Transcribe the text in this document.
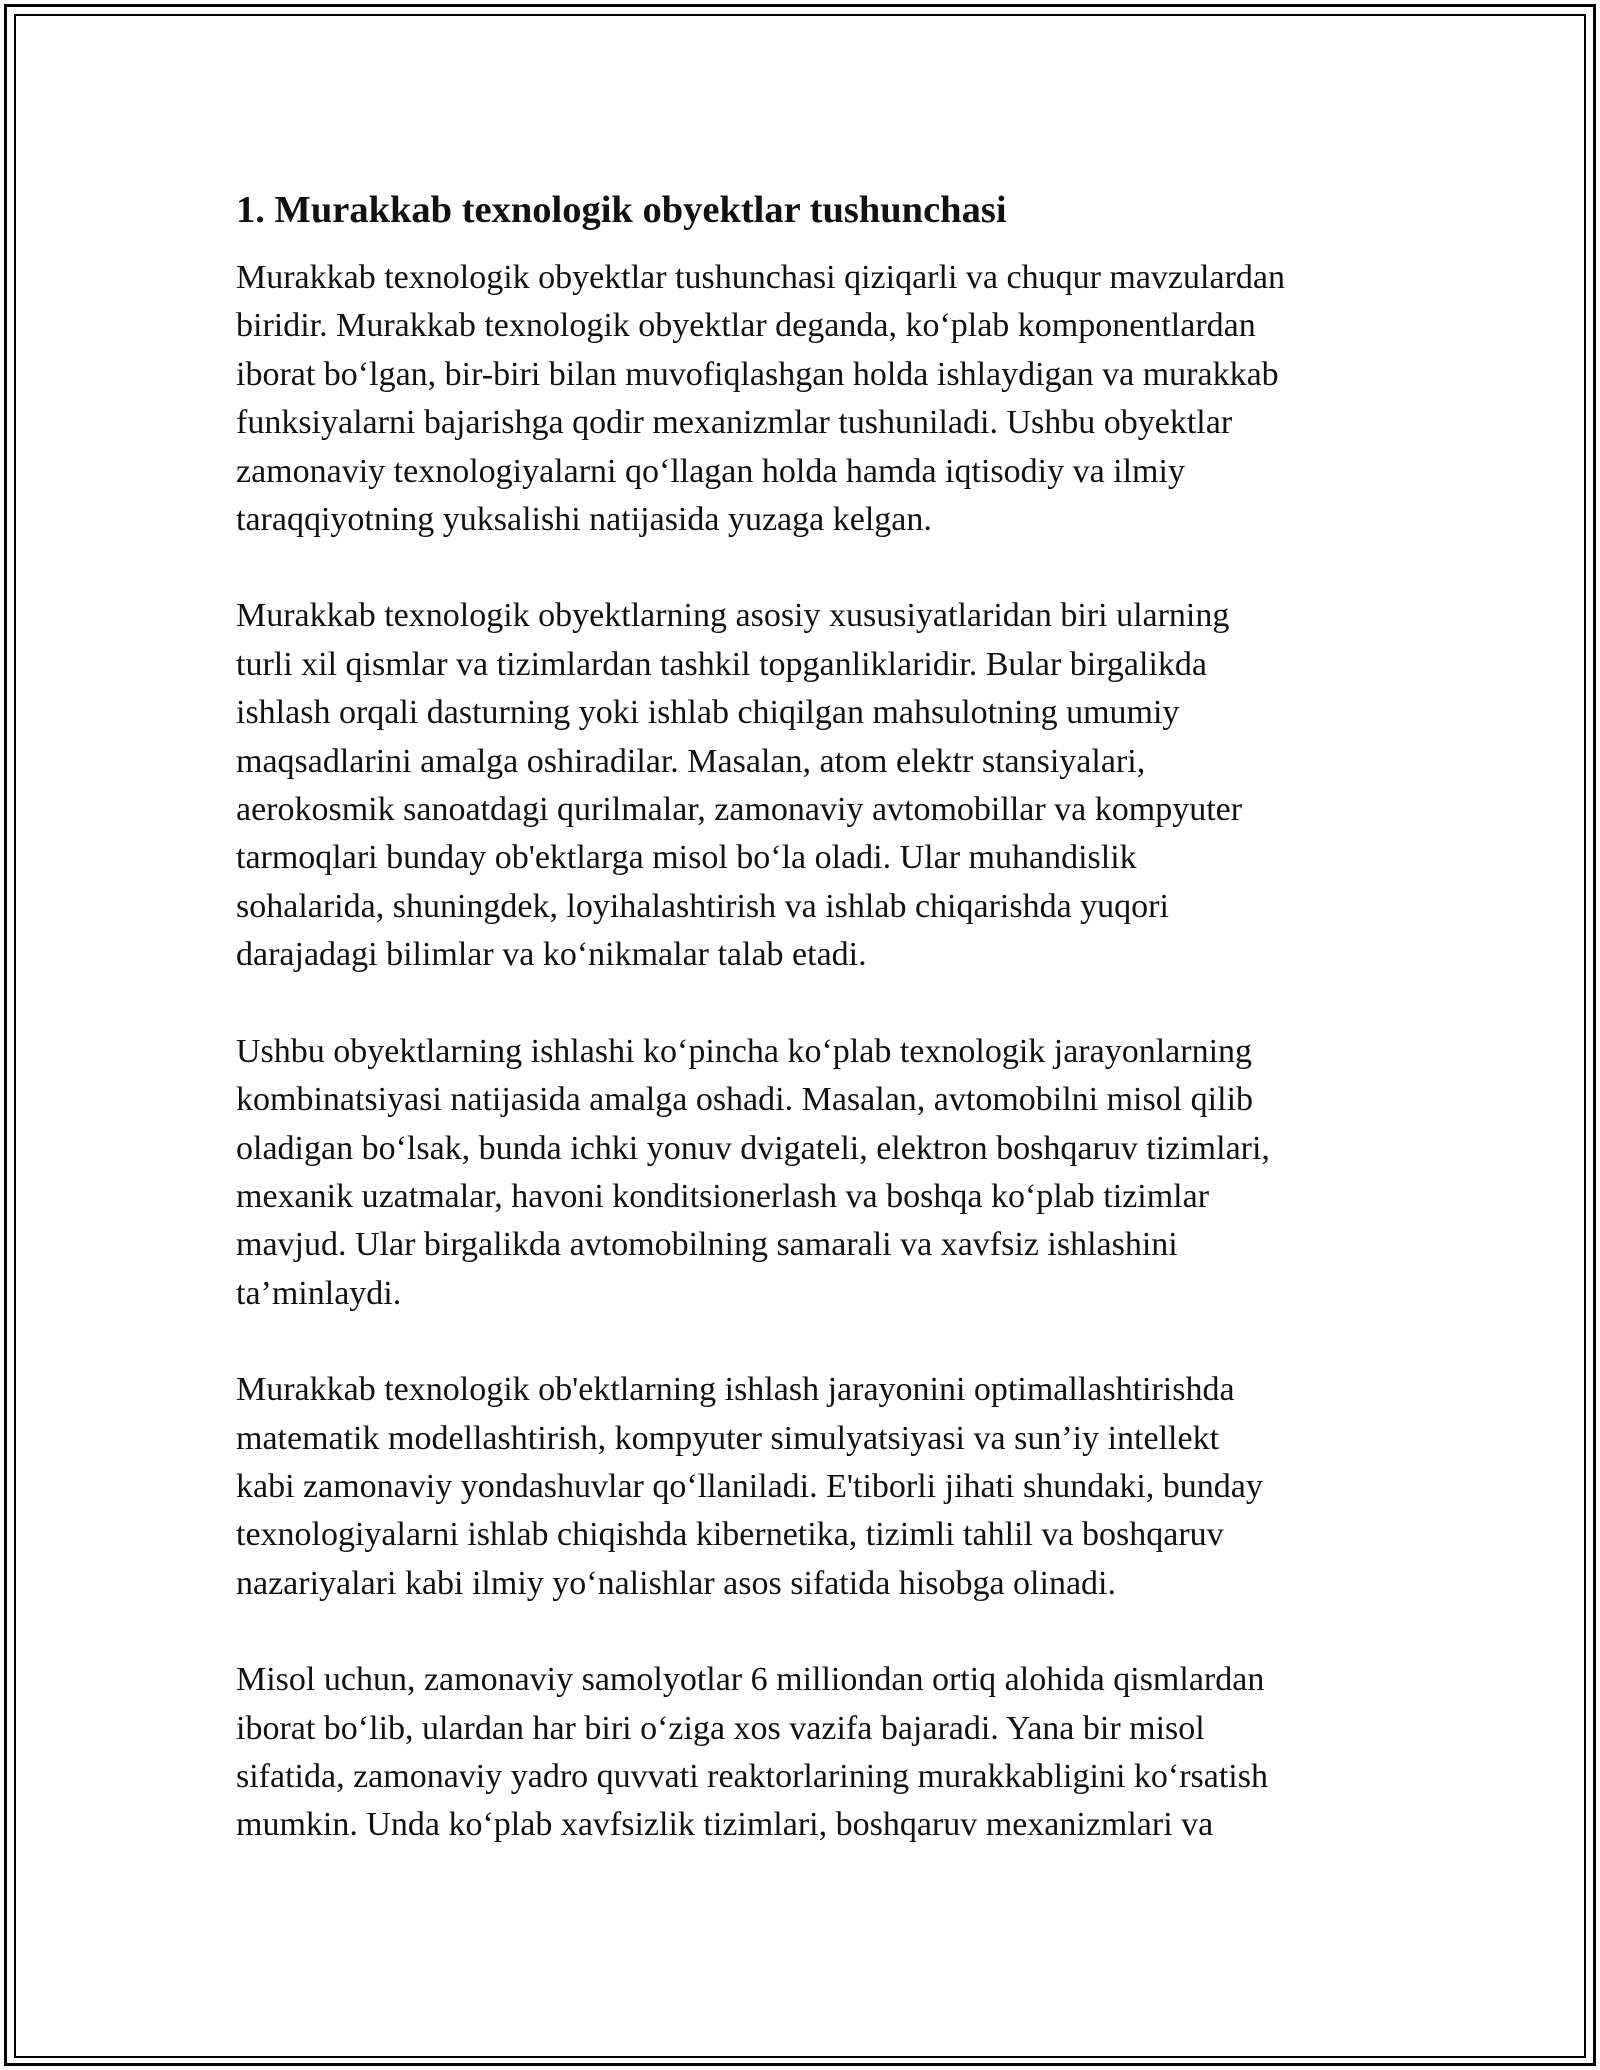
1. Murakkab texnologik obyektlar tushunchasi
Murakkab texnologik obyektlar tushunchasi qiziqarli va chuqur mavzulardan
biridir. Murakkab texnologik obyektlar deganda, ko‘plab komponentlardan
iborat bo‘lgan, bir-biri bilan muvofiqlashgan holda ishlaydigan va murakkab
funksiyalarni bajarishga qodir mexanizmlar tushuniladi. Ushbu obyektlar
zamonaviy texnologiyalarni qo‘llagan holda hamda iqtisodiy va ilmiy
taraqqiyotning yuksalishi natijasida yuzaga kelgan.
Murakkab texnologik obyektlarning asosiy xususiyatlaridan biri ularning
turli xil qismlar va tizimlardan tashkil topganliklaridir. Bular birgalikda
ishlash orqali dasturning yoki ishlab chiqilgan mahsulotning umumiy
maqsadlarini amalga oshiradilar. Masalan, atom elektr stansiyalari,
aerokosmik sanoatdagi qurilmalar, zamonaviy avtomobillar va kompyuter
tarmoqlari bunday ob'ektlarga misol bo‘la oladi. Ular muhandislik
sohalarida, shuningdek, loyihalashtirish va ishlab chiqarishda yuqori
darajadagi bilimlar va ko‘nikmalar talab etadi.
Ushbu obyektlarning ishlashi ko‘pincha ko‘plab texnologik jarayonlarning
kombinatsiyasi natijasida amalga oshadi. Masalan, avtomobilni misol qilib
oladigan bo‘lsak, bunda ichki yonuv dvigateli, elektron boshqaruv tizimlari,
mexanik uzatmalar, havoni konditsionerlash va boshqa ko‘plab tizimlar
mavjud. Ular birgalikda avtomobilning samarali va xavfsiz ishlashini
ta’minlaydi.
Murakkab texnologik ob'ektlarning ishlash jarayonini optimallashtirishda
matematik modellashtirish, kompyuter simulyatsiyasi va sun’iy intellekt
kabi zamonaviy yondashuvlar qo‘llaniladi. E'tiborli jihati shundaki, bunday
texnologiyalarni ishlab chiqishda kibernetika, tizimli tahlil va boshqaruv
nazariyalari kabi ilmiy yo‘nalishlar asos sifatida hisobga olinadi.
Misol uchun, zamonaviy samolyotlar 6 milliondan ortiq alohida qismlardan
iborat bo‘lib, ulardan har biri o‘ziga xos vazifa bajaradi. Yana bir misol
sifatida, zamonaviy yadro quvvati reaktorlarining murakkabligini ko‘rsatish
mumkin. Unda ko‘plab xavfsizlik tizimlari, boshqaruv mexanizmlari va
